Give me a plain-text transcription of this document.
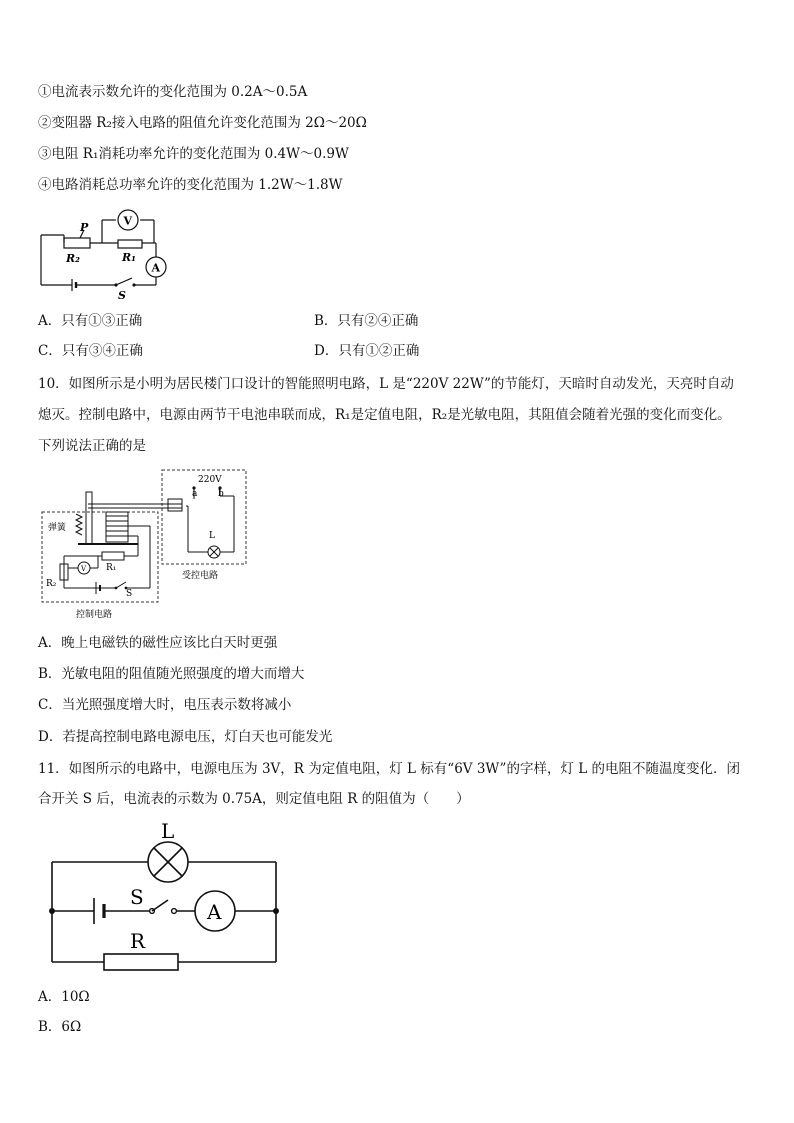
①电流表示数允许的变化范围为 0.2A～0.5A
②变阻器 R₂接入电路的阻值允许变化范围为 2Ω～20Ω
③电阻 R₁消耗功率允许的变化范围为 0.4W～0.9W
④电路消耗总功率允许的变化范围为 1.2W～1.8W
V
A
P
R₂	R₁
S
A．只有①③正确	B．只有②④正确
C．只有③④正确	D．只有①②正确
10．如图所示是小明为居民楼门口设计的智能照明电路，L 是“220V 22W”的节能灯，天暗时自动发光，天亮时自动
熄灭。控制电路中，电源由两节干电池串联而成，R₁是定值电阻，R₂是光敏电阻，其阻值会随着光强的变化而变化。
下列说法正确的是
220V
a b
L
弹簧
R₁
R₂
V
S
受控电路
控制电路
A．晚上电磁铁的磁性应该比白天时更强
B．光敏电阻的阻值随光照强度的增大而增大
C．当光照强度增大时，电压表示数将减小
D．若提高控制电路电源电压，灯白天也可能发光
11．如图所示的电路中，电源电压为 3V，R 为定值电阻，灯 L 标有“6V 3W”的字样，灯 L 的电阻不随温度变化．闭
合开关 S 后，电流表的示数为 0.75A，则定值电阻 R 的阻值为（　　）
L
S
A
R
A．10Ω
B．6Ω
